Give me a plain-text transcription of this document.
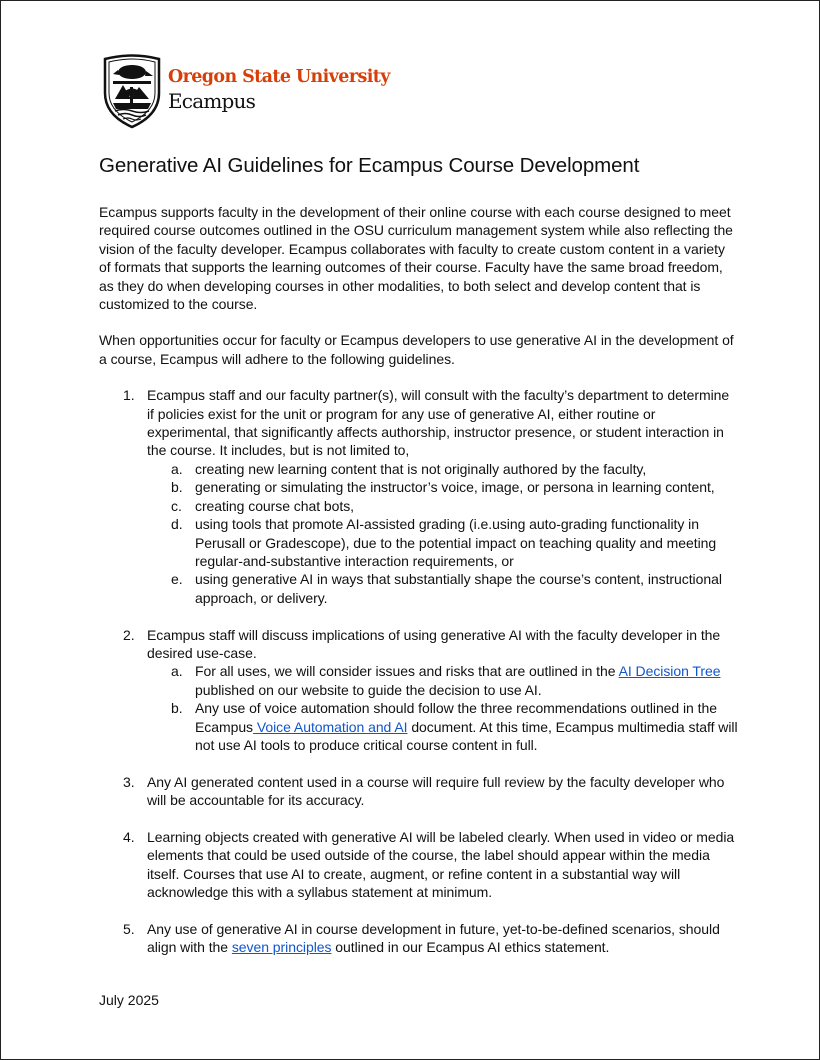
Oregon State University
Ecampus
Generative AI Guidelines for Ecampus Course Development

Ecampus supports faculty in the development of their online course with each course designed to meet required course outcomes outlined in the OSU curriculum management system while also reflecting the vision of the faculty developer. Ecampus collaborates with faculty to create custom content in a variety of formats that supports the learning outcomes of their course. Faculty have the same broad freedom, as they do when developing courses in other modalities, to both select and develop content that is customized to the course.

When opportunities occur for faculty or Ecampus developers to use generative AI in the development of a course, Ecampus will adhere to the following guidelines.

1. Ecampus staff and our faculty partner(s), will consult with the faculty’s department to determine if policies exist for the unit or program for any use of generative AI, either routine or experimental, that significantly affects authorship, instructor presence, or student interaction in the course. It includes, but is not limited to,
a. creating new learning content that is not originally authored by the faculty,
b. generating or simulating the instructor’s voice, image, or persona in learning content,
c. creating course chat bots,
d. using tools that promote AI-assisted grading (i.e.using auto-grading functionality in Perusall or Gradescope), due to the potential impact on teaching quality and meeting regular-and-substantive interaction requirements, or
e. using generative AI in ways that substantially shape the course’s content, instructional approach, or delivery.
2. Ecampus staff will discuss implications of using generative AI with the faculty developer in the desired use-case.
a. For all uses, we will consider issues and risks that are outlined in the AI Decision Tree published on our website to guide the decision to use AI.
b. Any use of voice automation should follow the three recommendations outlined in the Ecampus Voice Automation and AI document. At this time, Ecampus multimedia staff will not use AI tools to produce critical course content in full.
3. Any AI generated content used in a course will require full review by the faculty developer who will be accountable for its accuracy.
4. Learning objects created with generative AI will be labeled clearly. When used in video or media elements that could be used outside of the course, the label should appear within the media itself. Courses that use AI to create, augment, or refine content in a substantial way will acknowledge this with a syllabus statement at minimum.
5. Any use of generative AI in course development in future, yet-to-be-defined scenarios, should align with the seven principles outlined in our Ecampus AI ethics statement.
July 2025
